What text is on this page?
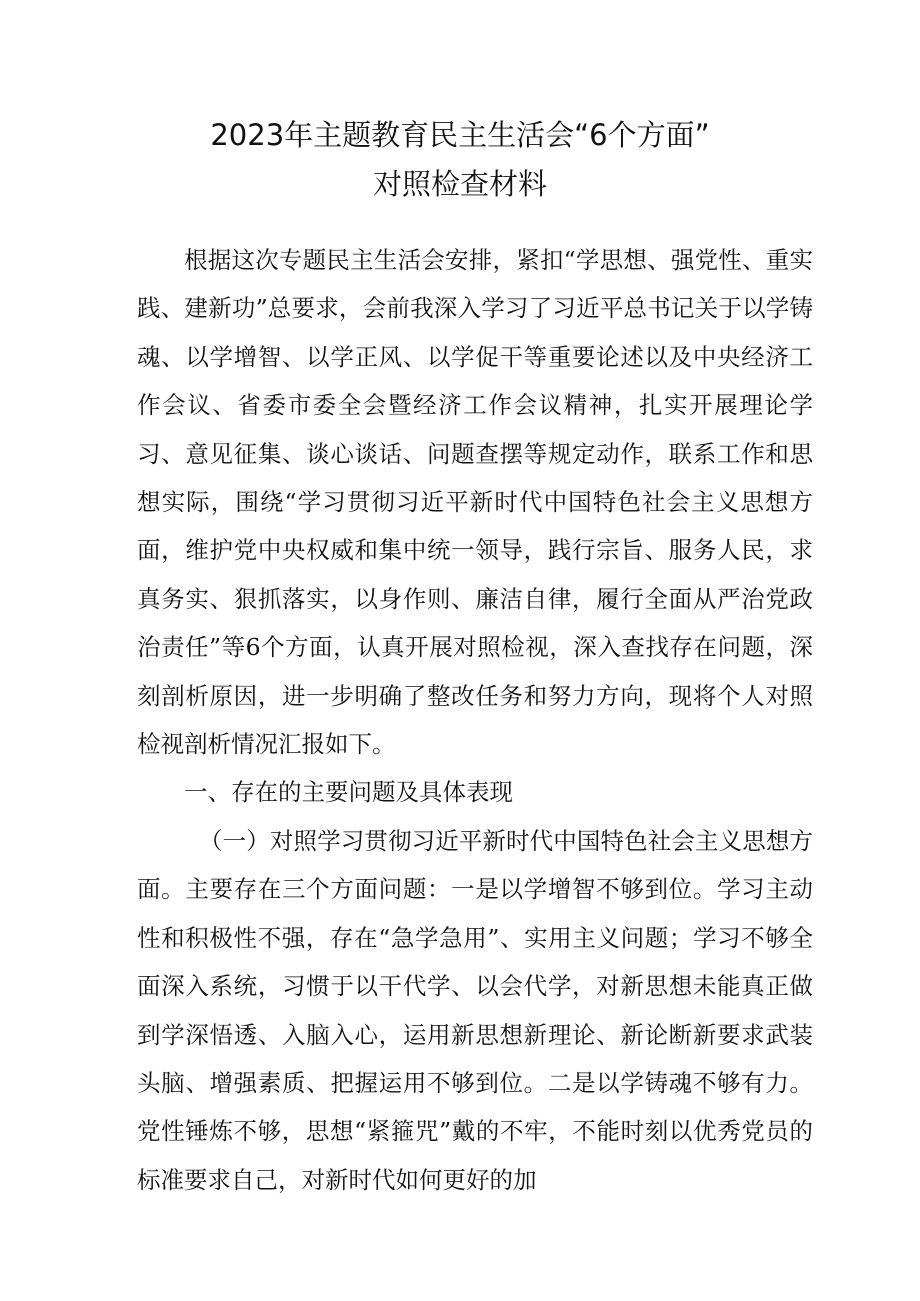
2023年主题教育民主生活会“6个方面”
对照检查材料

根据这次专题民主生活会安排，紧扣“学思想、强党性、重实践、建新功”总要求，会前我深入学习了习近平总书记关于以学铸魂、以学增智、以学正风、以学促干等重要论述以及中央经济工作会议、省委市委全会暨经济工作会议精神，扎实开展理论学习、意见征集、谈心谈话、问题查摆等规定动作，联系工作和思想实际，围绕“学习贯彻习近平新时代中国特色社会主义思想方面，维护党中央权威和集中统一领导，践行宗旨、服务人民，求真务实、狠抓落实，以身作则、廉洁自律，履行全面从严治党政治责任”等6个方面，认真开展对照检视，深入查找存在问题，深刻剖析原因，进一步明确了整改任务和努力方向，现将个人对照检视剖析情况汇报如下。

一、存在的主要问题及具体表现

（一）对照学习贯彻习近平新时代中国特色社会主义思想方面。主要存在三个方面问题：一是以学增智不够到位。学习主动性和积极性不强，存在“急学急用”、实用主义问题；学习不够全面深入系统，习惯于以干代学、以会代学，对新思想未能真正做到学深悟透、入脑入心，运用新思想新理论、新论断新要求武装头脑、增强素质、把握运用不够到位。二是以学铸魂不够有力。党性锤炼不够，思想“紧箍咒”戴的不牢，不能时刻以优秀党员的标准要求自己，对新时代如何更好的加
